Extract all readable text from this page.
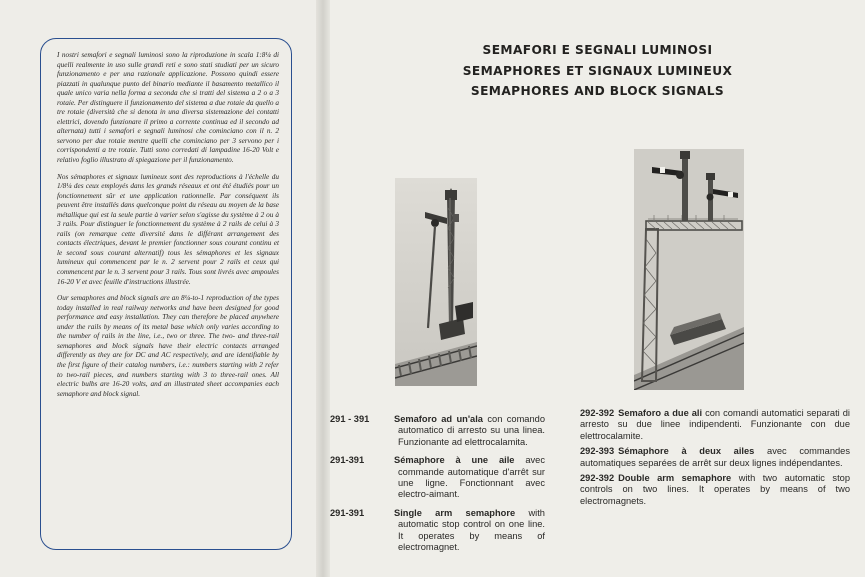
I nostri semafori e segnali luminosi sono la riproduzione in scala 1:8¼ di quelli realmente in uso sulle grandi reti e sono stati studiati per un sicuro funzionamento e per una razionale applicazione. Possono quindi essere piazzati in qualunque punto del binario mediante il basamento metallico il quale unico varia nella forma a seconda che si tratti del sistema a 2 o a 3 rotaie. Per distinguere il funzionamento del sistema a due rotaie da quello a tre rotaie (diversità che si denota in una diversa sistemazione dei contatti elettrici, dovendo funzionare il primo a corrente continua ed il secondo ad alternata) tutti i semafori e segnali luminosi che cominciano con il n. 2 servono per due rotaie mentre quelli che cominciano per 3 servono per i corrispondenti a tre rotaie. Tutti sono corredati di lampadine 16-20 Volt e relativo foglio illustrato di spiegazione per il funzionamento.

Nos sémaphores et signaux lumineux sont des reproductions à l'échelle du 1/8¼ des ceux employés dans les grands réseaux et ont été étudiés pour un fonctionnement sûr et une application rationnelle. Par conséquent ils peuvent être installés dans quelconque point du réseau au moyen de la base métallique qui est la seule partie à varier selon s'agisse du système à 2 ou à 3 rails. Pour distinguer le fonctionnement du système à 2 rails de celui à 3 rails (on remarque cette diversité dans le différant arrangement des contacts électriques, devant le premier fonctionner sous courant continu et le second sous courant alternatif) tous les sémaphores et les signaux lumineux qui commencent par le n. 2 servent pour 2 rails et ceux qui commencent par le n. 3 servent pour 3 rails. Tous sont livrés avec ampoules 16-20 V et avec feuille d'instructions illustrée.

Our semaphores and block signals are an 8¼-to-1 reproduction of the types today installed in real railway networks and have been designed for good performance and easy installation. They can therefore be placed anywhere under the rails by means of its metal base which only varies according to the number of rails in the line, i.e., two or three. The two- and three-rail semaphores and block signals have their electric contacts arranged differently as they are for DC and AC respectively, and are identifiable by the first figure of their catalog numbers, i.e.: numbers starting with 2 refer to two-rail pieces, and numbers starting with 3 to three-rail ones. All electric bulbs are 16-20 volts, and an illustrated sheet accompanies each semaphore and block signal.

SEMAFORI E SEGNALI LUMINOSI
SEMAPHORES ET SIGNAUX LUMINEUX
SEMAPHORES AND BLOCK SIGNALS
291 - 391	Semaforo ad un'ala con comando automatico di arresto su una linea. Funzionante ad elettrocalamita.
291-391	Sémaphore à une aile avec commande automatique d'arrêt sur une ligne. Fonctionnant avec electro-aimant.
291-391	Single arm semaphore with automatic stop control on one line. It operates by means of electromagnet.
292-392 Semaforo a due ali con comandi automatici separati di arresto su due linee indipendenti. Funzionante con due elettrocalamite.
292-393 Sémaphore à deux ailes avec commandes automatiques separées de arrêt sur deux lignes indépendantes.
292-392 Double arm semaphore with two automatic stop controls on two lines. It operates by means of two electromagnets.
